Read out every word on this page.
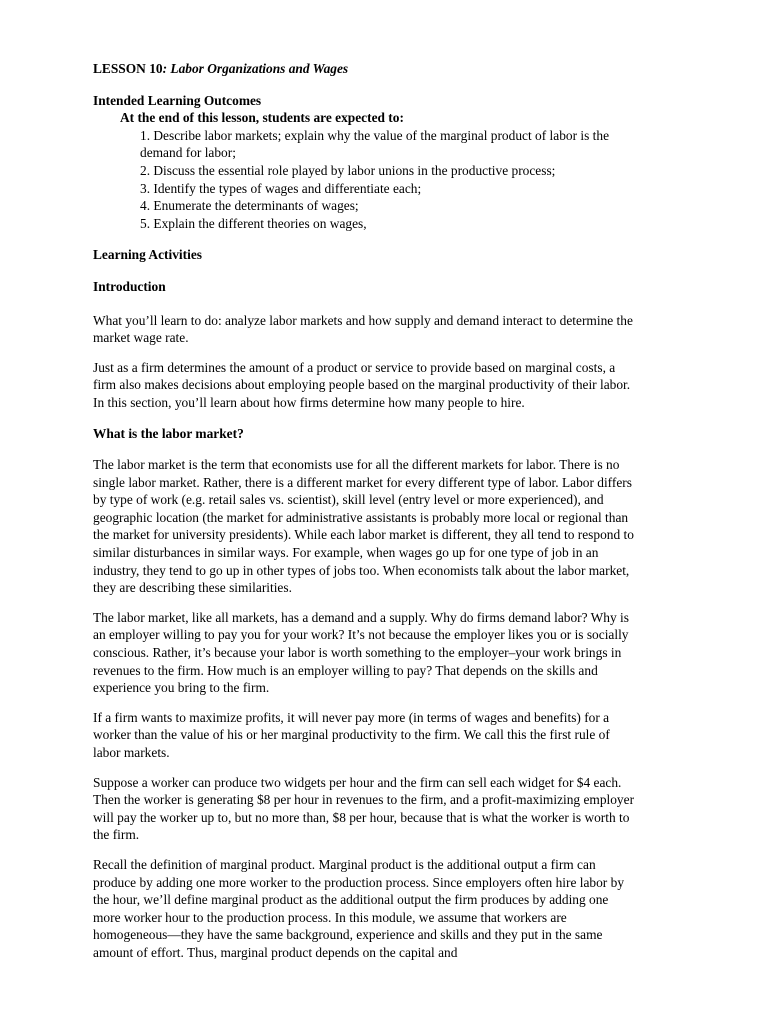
LESSON 10: Labor Organizations and Wages

Intended Learning Outcomes

At the end of this lesson, students are expected to:

1. Describe labor markets; explain why the value of the marginal product of labor is the demand for labor;
2. Discuss the essential role played by labor unions in the productive process;
3. Identify the types of wages and differentiate each;
4. Enumerate the determinants of wages;
5. Explain the different theories on wages,

Learning Activities

Introduction

What you’ll learn to do: analyze labor markets and how supply and demand interact to determine the market wage rate.

Just as a firm determines the amount of a product or service to provide based on marginal costs, a firm also makes decisions about employing people based on the marginal productivity of their labor. In this section, you’ll learn about how firms determine how many people to hire.

What is the labor market?

The labor market is the term that economists use for all the different markets for labor. There is no single labor market. Rather, there is a different market for every different type of labor. Labor differs by type of work (e.g. retail sales vs. scientist), skill level (entry level or more experienced), and geographic location (the market for administrative assistants is probably more local or regional than the market for university presidents). While each labor market is different, they all tend to respond to similar disturbances in similar ways. For example, when wages go up for one type of job in an industry, they tend to go up in other types of jobs too. When economists talk about the labor market, they are describing these similarities.

The labor market, like all markets, has a demand and a supply. Why do firms demand labor? Why is an employer willing to pay you for your work? It’s not because the employer likes you or is socially conscious. Rather, it’s because your labor is worth something to the employer–your work brings in revenues to the firm. How much is an employer willing to pay? That depends on the skills and experience you bring to the firm.

If a firm wants to maximize profits, it will never pay more (in terms of wages and benefits) for a worker than the value of his or her marginal productivity to the firm. We call this the first rule of labor markets.

Suppose a worker can produce two widgets per hour and the firm can sell each widget for $4 each. Then the worker is generating $8 per hour in revenues to the firm, and a profit-maximizing employer will pay the worker up to, but no more than, $8 per hour, because that is what the worker is worth to the firm.

Recall the definition of marginal product. Marginal product is the additional output a firm can produce by adding one more worker to the production process. Since employers often hire labor by the hour, we’ll define marginal product as the additional output the firm produces by adding one more worker hour to the production process. In this module, we assume that workers are homogeneous—they have the same background, experience and skills and they put in the same amount of effort. Thus, marginal product depends on the capital and
